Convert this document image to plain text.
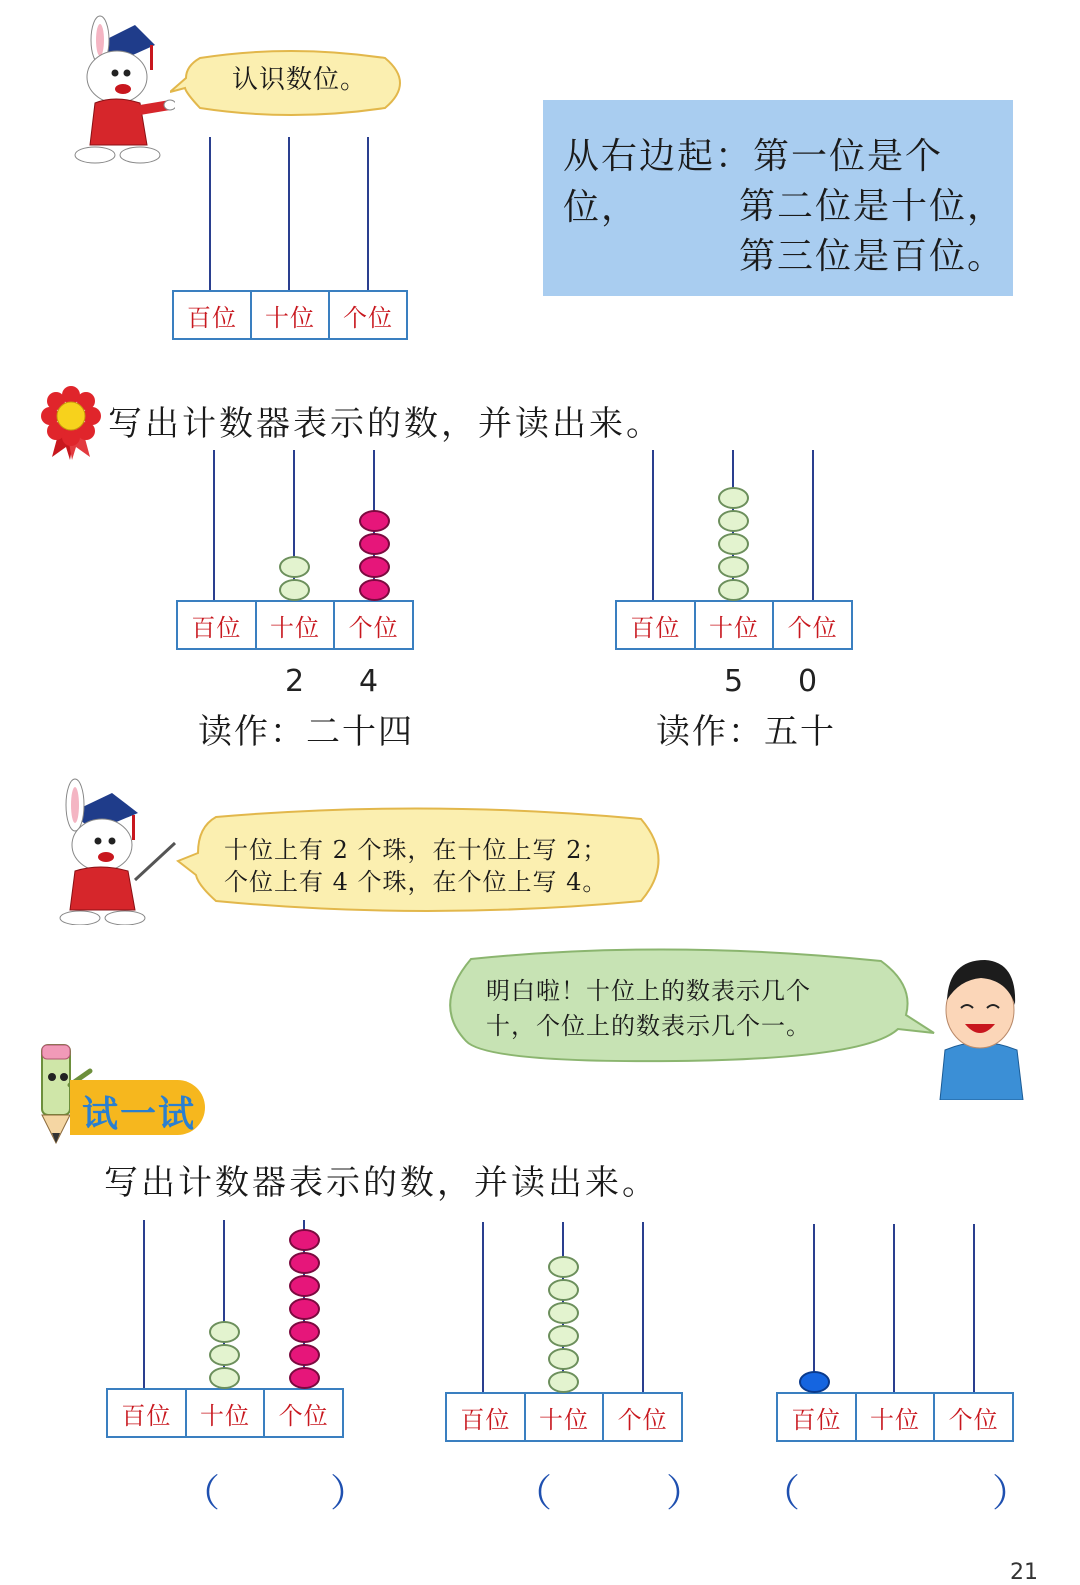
认识数位。
百位	十位	个位
从右边起：第一位是个位，	第二位是十位，
第三位是百位。
写出计数器表示的数，并读出来。
百位	十位	个位
2 4
读作：二十四
百位	十位	个位
5 0
读作：五十
十位上有 2 个珠，在十位上写 2；
个位上有 4 个珠，在个位上写 4。
明白啦！十位上的数表示几个
十，个位上的数表示几个一。
试一试
写出计数器表示的数，并读出来。
百位	十位	个位
（	）
百位	十位	个位
（	）
百位	十位	个位
（	）
21
